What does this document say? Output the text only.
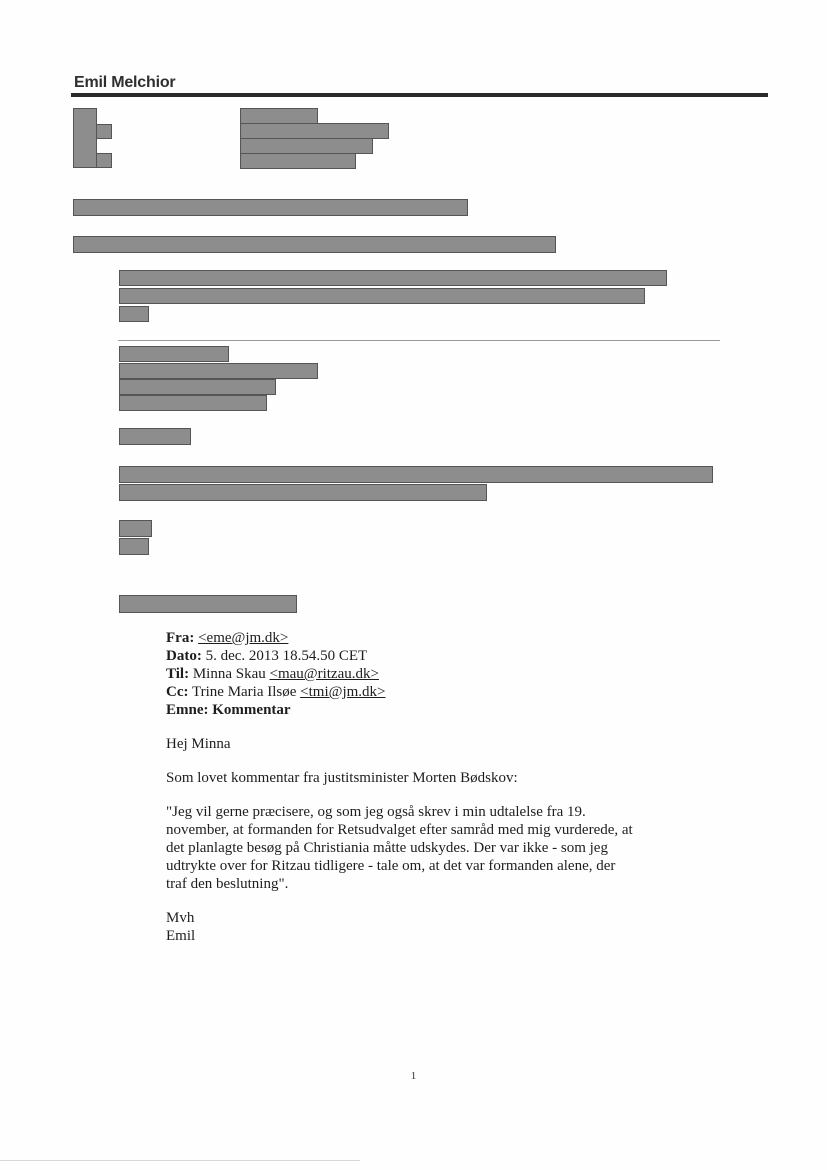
Emil Melchior
Fra: <eme@jm.dk>
Dato: 5. dec. 2013 18.54.50 CET
Til: Minna Skau <mau@ritzau.dk>
Cc: Trine Maria Ilsøe <tmi@jm.dk>
Emne: Kommentar

Hej Minna

Som lovet kommentar fra justitsminister Morten Bødskov:

"Jeg vil gerne præcisere, og som jeg også skrev i min udtalelse fra 19.
november, at formanden for Retsudvalget efter samråd med mig vurderede, at
det planlagte besøg på Christiania måtte udskydes. Der var ikke - som jeg
udtrykte over for Ritzau tidligere - tale om, at det var formanden alene, der
traf den beslutning".
Mvh
Emil
1
